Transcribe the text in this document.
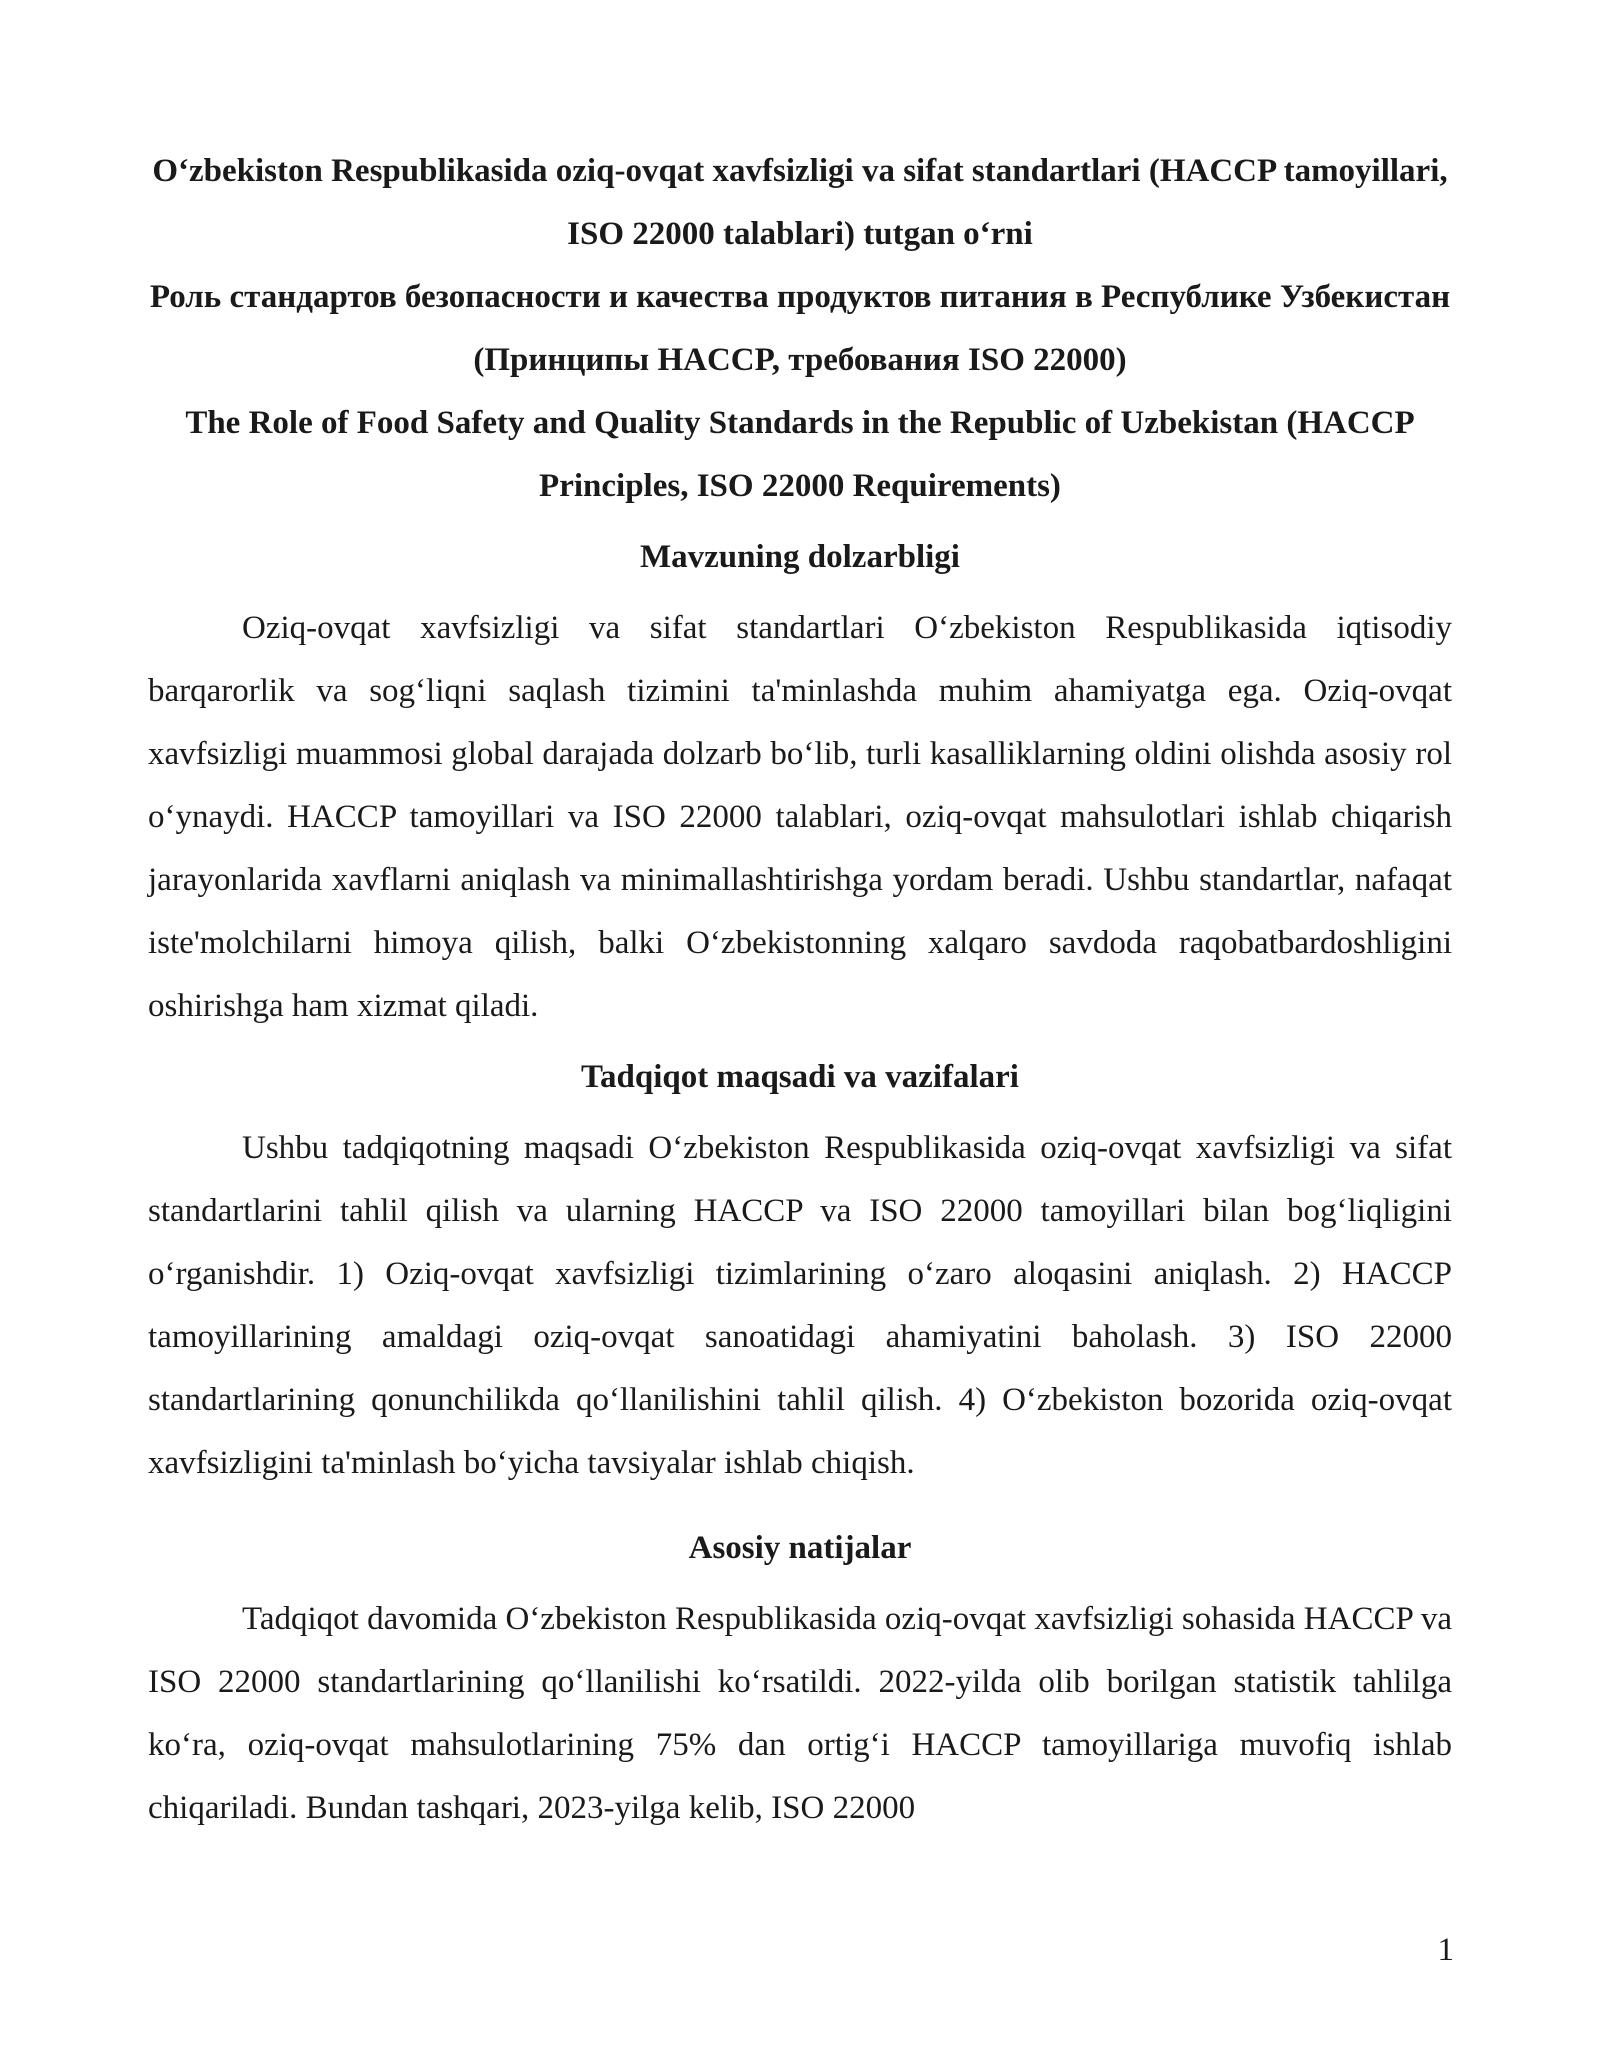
O‘zbekiston Respublikasida oziq-ovqat xavfsizligi va sifat standartlari (HACCP tamoyillari, ISO 22000 talablari) tutgan o‘rni

Роль стандартов безопасности и качества продуктов питания в Республике Узбекистан (Принципы HACCP, требования ISO 22000)

The Role of Food Safety and Quality Standards in the Republic of Uzbekistan (HACCP Principles, ISO 22000 Requirements)

Mavzuning dolzarbligi

Oziq-ovqat xavfsizligi va sifat standartlari O‘zbekiston Respublikasida iqtisodiy barqarorlik va sog‘liqni saqlash tizimini ta'minlashda muhim ahamiyatga ega. Oziq-ovqat xavfsizligi muammosi global darajada dolzarb bo‘lib, turli kasalliklarning oldini olishda asosiy rol o‘ynaydi. HACCP tamoyillari va ISO 22000 talablari, oziq-ovqat mahsulotlari ishlab chiqarish jarayonlarida xavflarni aniqlash va minimallashtirishga yordam beradi. Ushbu standartlar, nafaqat iste'molchilarni himoya qilish, balki O‘zbekistonning xalqaro savdoda raqobatbardoshligini oshirishga ham xizmat qiladi.

Tadqiqot maqsadi va vazifalari

Ushbu tadqiqotning maqsadi O‘zbekiston Respublikasida oziq-ovqat xavfsizligi va sifat standartlarini tahlil qilish va ularning HACCP va ISO 22000 tamoyillari bilan bog‘liqligini o‘rganishdir. 1) Oziq-ovqat xavfsizligi tizimlarining o‘zaro aloqasini aniqlash. 2) HACCP tamoyillarining amaldagi oziq-ovqat sanoatidagi ahamiyatini baholash. 3) ISO 22000 standartlarining qonunchilikda qo‘llanilishini tahlil qilish. 4) O‘zbekiston bozorida oziq-ovqat xavfsizligini ta'minlash bo‘yicha tavsiyalar ishlab chiqish.

Asosiy natijalar

Tadqiqot davomida O‘zbekiston Respublikasida oziq-ovqat xavfsizligi sohasida HACCP va ISO 22000 standartlarining qo‘llanilishi ko‘rsatildi. 2022-yilda olib borilgan statistik tahlilga ko‘ra, oziq-ovqat mahsulotlarining 75% dan ortig‘i HACCP tamoyillariga muvofiq ishlab chiqariladi. Bundan tashqari, 2023-yilga kelib, ISO 22000

1
